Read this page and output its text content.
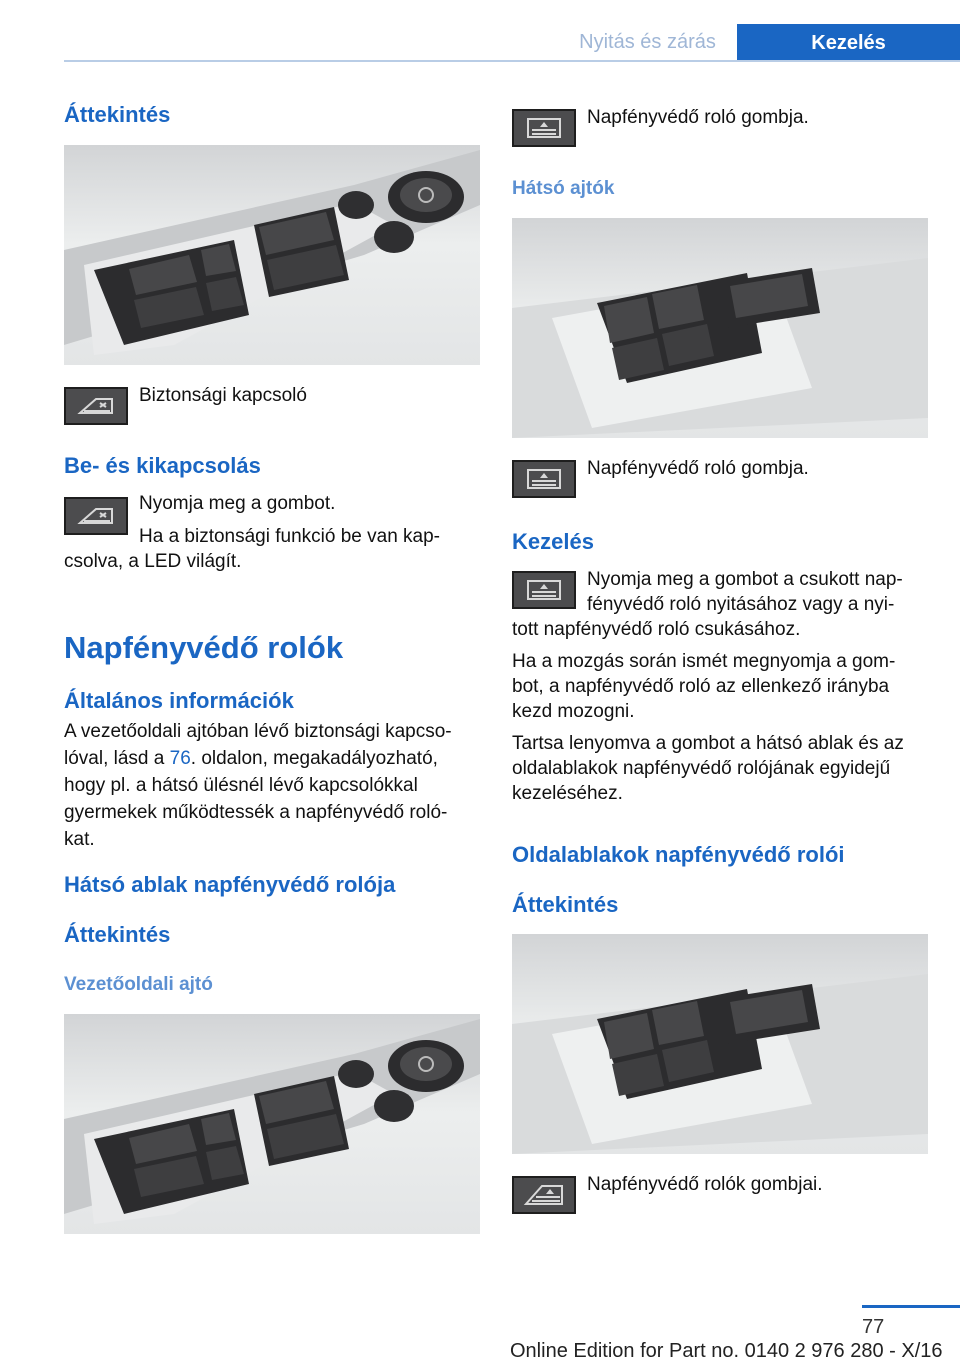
Nyitás és zárás	Kezelés
Áttekintés
Biztonsági kapcsoló
Be- és kikapcsolás
Nyomja meg a gombot.
Ha a biztonsági funkció be van kap‐
csolva, a LED világít.
Napfényvédő rolók
Általános információk
A vezetőoldali ajtóban lévő biztonsági kapcso‐
lóval, lásd a 76. oldalon, megakadályozható,
hogy pl. a hátsó ülésnél lévő kapcsolókkal
gyermekek működtessék a napfényvédő roló‐
kat.
Hátsó ablak napfényvédő rolója
Áttekintés
Vezetőoldali ajtó
Napfényvédő roló gombja.
Hátsó ajtók
Napfényvédő roló gombja.
Kezelés
Nyomja meg a gombot a csukott nap‐
fényvédő roló nyitásához vagy a nyi‐
tott napfényvédő roló csukásához.
Ha a mozgás során ismét megnyomja a gom‐
bot, a napfényvédő roló az ellenkező irányba
kezd mozogni.
Tartsa lenyomva a gombot a hátsó ablak és az
oldalablakok napfényvédő rolójának egyidejű
kezeléséhez.
Oldalablakok napfényvédő rolói
Áttekintés
Napfényvédő rolók gombjai.
77
Online Edition for Part no. 0140 2 976 280 - X/16
